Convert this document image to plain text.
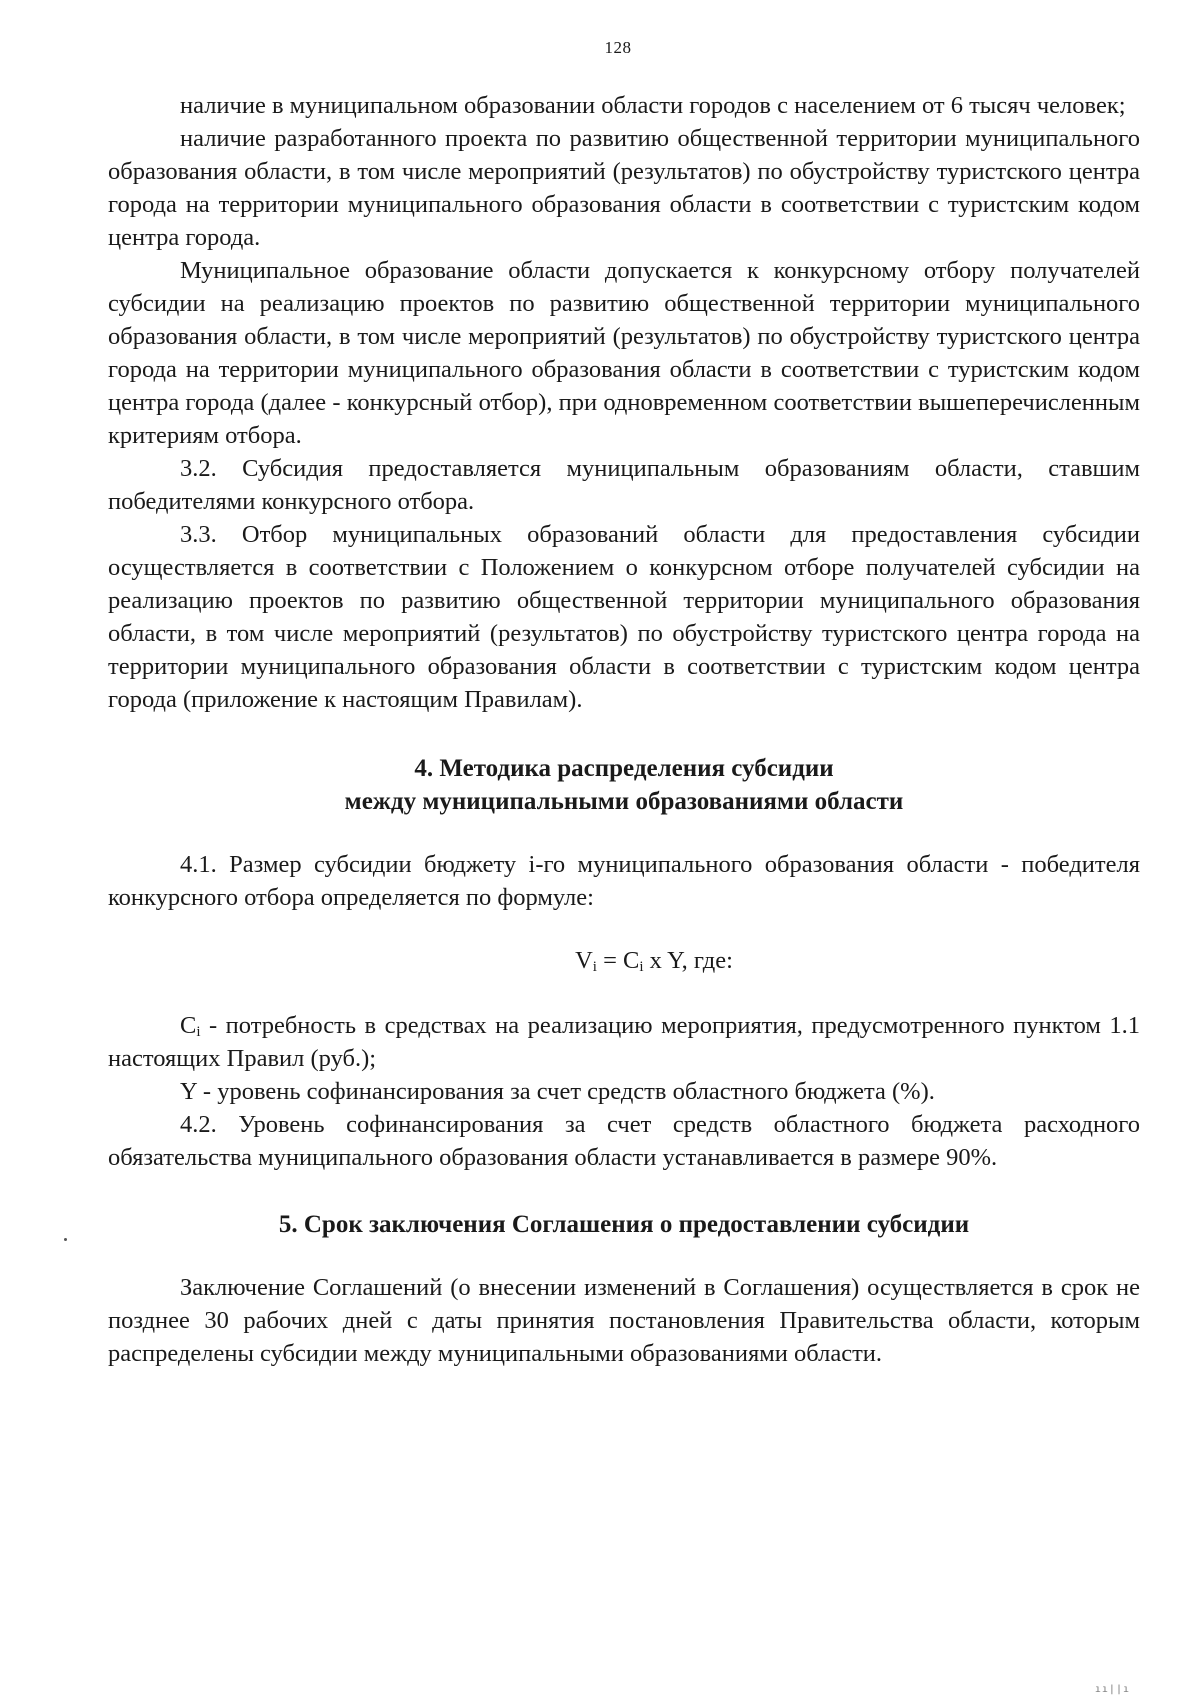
128

наличие в муниципальном образовании области городов с населением от 6 тысяч человек;

наличие разработанного проекта по развитию общественной территории муниципального образования области, в том числе мероприятий (результатов) по обустройству туристского центра города на территории муниципального образования области в соответствии с туристским кодом центра города.

Муниципальное образование области допускается к конкурсному отбору получателей субсидии на реализацию проектов по развитию общественной территории муниципального образования области, в том числе мероприятий (результатов) по обустройству туристского центра города на территории муниципального образования области в соответствии с туристским кодом центра города (далее - конкурсный отбор), при одновременном соответствии вышеперечисленным критериям отбора.

3.2. Субсидия предоставляется муниципальным образованиям области, ставшим победителями конкурсного отбора.

3.3. Отбор муниципальных образований области для предоставления субсидии осуществляется в соответствии с Положением о конкурсном отборе получателей субсидии на реализацию проектов по развитию общественной территории муниципального образования области, в том числе мероприятий (результатов) по обустройству туристского центра города на территории муниципального образования области в соответствии с туристским кодом центра города (приложение к настоящим Правилам).

4. Методика распределения субсидии
между муниципальными образованиями области

4.1. Размер субсидии бюджету i-го муниципального образования области - победителя конкурсного отбора определяется по формуле:

$V_i = C_i$ x Y, где:

$C_i$ - потребность в средствах на реализацию мероприятия, предусмотренного пунктом 1.1 настоящих Правил (руб.);

Y - уровень софинансирования за счет средств областного бюджета (%).

4.2. Уровень софинансирования за счет средств областного бюджета расходного обязательства муниципального образования области устанавливается в размере 90%.

5. Срок заключения Соглашения о предоставлении субсидии

Заключение Соглашений (о внесении изменений в Соглашения) осуществляется в срок не позднее 30 рабочих дней с даты принятия постановления Правительства области, которым распределены субсидии между муниципальными образованиями области.

ıı||ı
